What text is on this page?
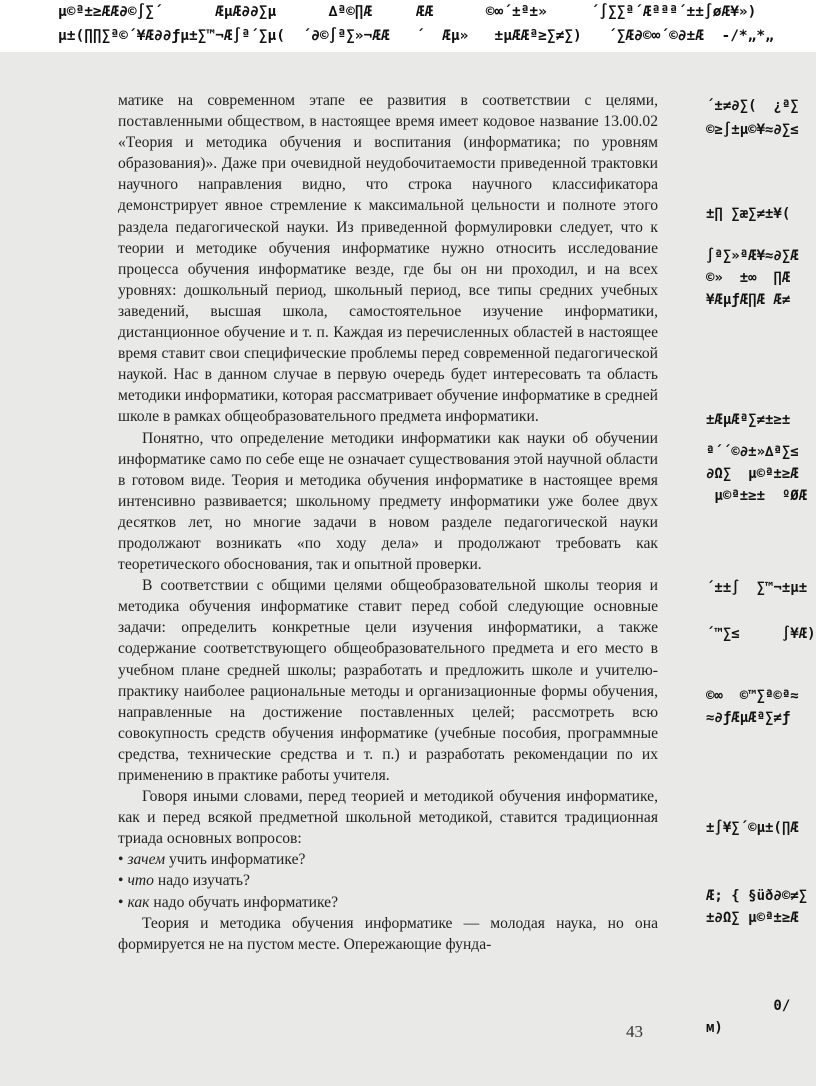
µ©ª±≥ÆÆ∂©∫∑´      ÆµÆ∂∂∑µ      ∆ª©∏Æ     ÆÆ      ©∞´±ª±»     ´∫∑∑ª´Æªªª´±±∫øÆ¥»)
µ±(∏∏∑ª©´¥Æ∂∂ƒµ±∑™¬Æ∫ª´∑µ(  ´∂©∫ª∑»¬ÆÆ   ´  Æµ»   ±µÆÆª≥∑≠∑)   ´∑Æ∂©∞´©∂±Æ  -/*„*„

матике на современном этапе ее развития в соответствии с целями, поставленными обществом, в настоящее время имеет кодовое название 13.00.02 «Теория и методика обучения и воспитания (информатика; по уровням образования)». Даже при очевидной неудобочитаемости приведенной трактовки научного направления видно, что строка научного классификатора демонстрирует явное стремление к максимальной цельности и полноте этого раздела педагогической науки. Из приведенной формулировки следует, что к теории и методике обучения информатике нужно относить исследование процесса обучения информатике везде, где бы он ни проходил, и на всех уровнях: дошкольный период, школьный период, все типы средних учебных заведений, высшая школа, самостоятельное изучение информатики, дистанционное обучение и т. п. Каждая из перечисленных областей в настоящее время ставит свои специфические проблемы перед современной педагогической наукой. Нас в данном случае в первую очередь будет интересовать та область методики информатики, которая рассматривает обучение информатике в средней школе в рамках общеобразовательного предмета информатики.

Понятно, что определение методики информатики как науки об обучении информатике само по себе еще не означает существования этой научной области в готовом виде. Теория и методика обучения информатике в настоящее время интенсивно развивается; школьному предмету информатики уже более двух десятков лет, но многие задачи в новом разделе педагогической науки продолжают возникать «по ходу дела» и продолжают требовать как теоретического обоснования, так и опытной проверки.

В соответствии с общими целями общеобразовательной школы теория и методика обучения информатике ставит перед собой следующие основные задачи: определить конкретные цели изучения информатики, а также содержание соответствующего общеобразовательного предмета и его место в учебном плане средней школы; разработать и предложить школе и учителю-практику наиболее рациональные методы и организационные формы обучения, направленные на достижение поставленных целей; рассмотреть всю совокупность средств обучения информатике (учебные пособия, программные средства, технические средства и т. п.) и разработать рекомендации по их применению в практике работы учителя.

Говоря иными словами, перед теорией и методикой обучения информатике, как и перед всякой предметной школьной методикой, ставится традиционная триада основных вопросов:

• зачем учить информатике?
• что надо изучать?
• как надо обучать информатике?

Теория и методика обучения информатике — молодая наука, но она формируется не на пустом месте. Опережающие фунда-

43
´±≠∂∑(  ¿ª∑
©≥∫±µ©¥≈∂∑≤
±∏ ∑æ∑≠±¥(
∫ª∑»ªÆ¥≈∂∑Æ
©»  ±∞  ∏Æ
¥ÆµƒÆ∏Æ Æ≠
±ÆµÆª∑≠±≥±
ª´´©∂±»∆ª∑≤
∂Ω∑  µ©ª±≥Æ
µ©ª±≥±  ºØÆ
´±±∫  ∑™¬±µ±
´™∑≤     ∫¥Æ)
©∞  ©™∑ª©ª≈
≈∂ƒÆµÆª∑≠ƒ
±∫¥∑´©µ±(∏Æ
Æ; { §üð∂©≠∑
±∂Ω∑ µ©ª±≥Æ
0/
м)
